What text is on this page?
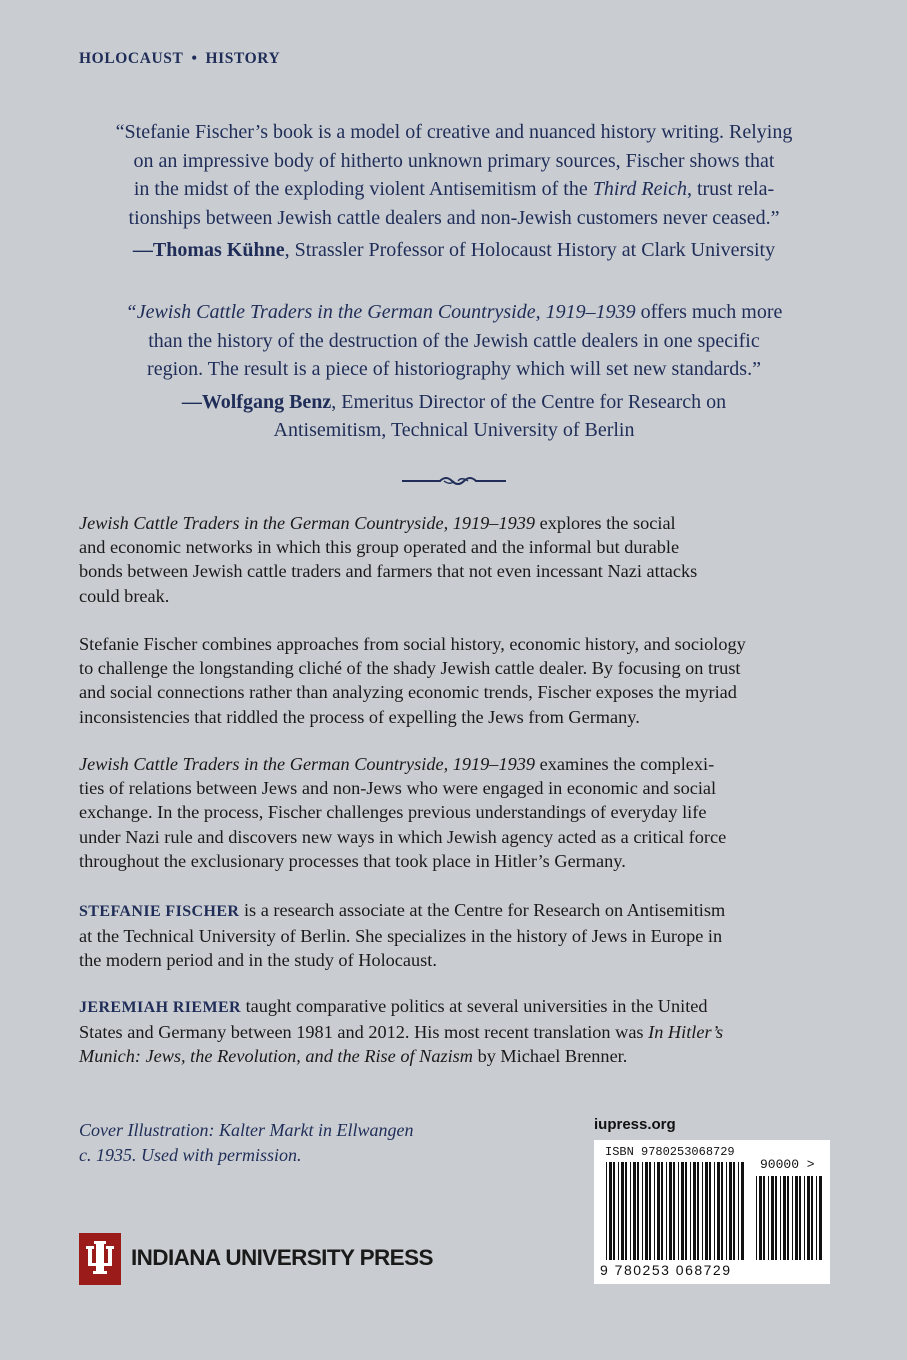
HOLOCAUST • HISTORY
“Stefanie Fischer’s book is a model of creative and nuanced history writing. Relying
on an impressive body of hitherto unknown primary sources, Fischer shows that
in the midst of the exploding violent Antisemitism of the Third Reich, trust rela-
tionships between Jewish cattle dealers and non-Jewish customers never ceased.”
—Thomas Kühne, Strassler Professor of Holocaust History at Clark University
“Jewish Cattle Traders in the German Countryside, 1919–1939 offers much more
than the history of the destruction of the Jewish cattle dealers in one specific
region. The result is a piece of historiography which will set new standards.”
—Wolfgang Benz, Emeritus Director of the Centre for Research on
Antisemitism, Technical University of Berlin
Jewish Cattle Traders in the German Countryside, 1919–1939 explores the social
and economic networks in which this group operated and the informal but durable
bonds between Jewish cattle traders and farmers that not even incessant Nazi attacks
could break.
Stefanie Fischer combines approaches from social history, economic history, and sociology
to challenge the longstanding cliché of the shady Jewish cattle dealer. By focusing on trust
and social connections rather than analyzing economic trends, Fischer exposes the myriad
inconsistencies that riddled the process of expelling the Jews from Germany.
Jewish Cattle Traders in the German Countryside, 1919–1939 examines the complexi-
ties of relations between Jews and non-Jews who were engaged in economic and social
exchange. In the process, Fischer challenges previous understandings of everyday life
under Nazi rule and discovers new ways in which Jewish agency acted as a critical force
throughout the exclusionary processes that took place in Hitler’s Germany.
STEFANIE FISCHER is a research associate at the Centre for Research on Antisemitism
at the Technical University of Berlin. She specializes in the history of Jews in Europe in
the modern period and in the study of Holocaust.
JEREMIAH RIEMER taught comparative politics at several universities in the United
States and Germany between 1981 and 2012. His most recent translation was In Hitler’s
Munich: Jews, the Revolution, and the Rise of Nazism by Michael Brenner.
Cover Illustration: Kalter Markt in Ellwangen
c. 1935. Used with permission.
iupress.org
ISBN 9780253068729
90000 >
9 780253 068729
INDIANA UNIVERSITY PRESS
